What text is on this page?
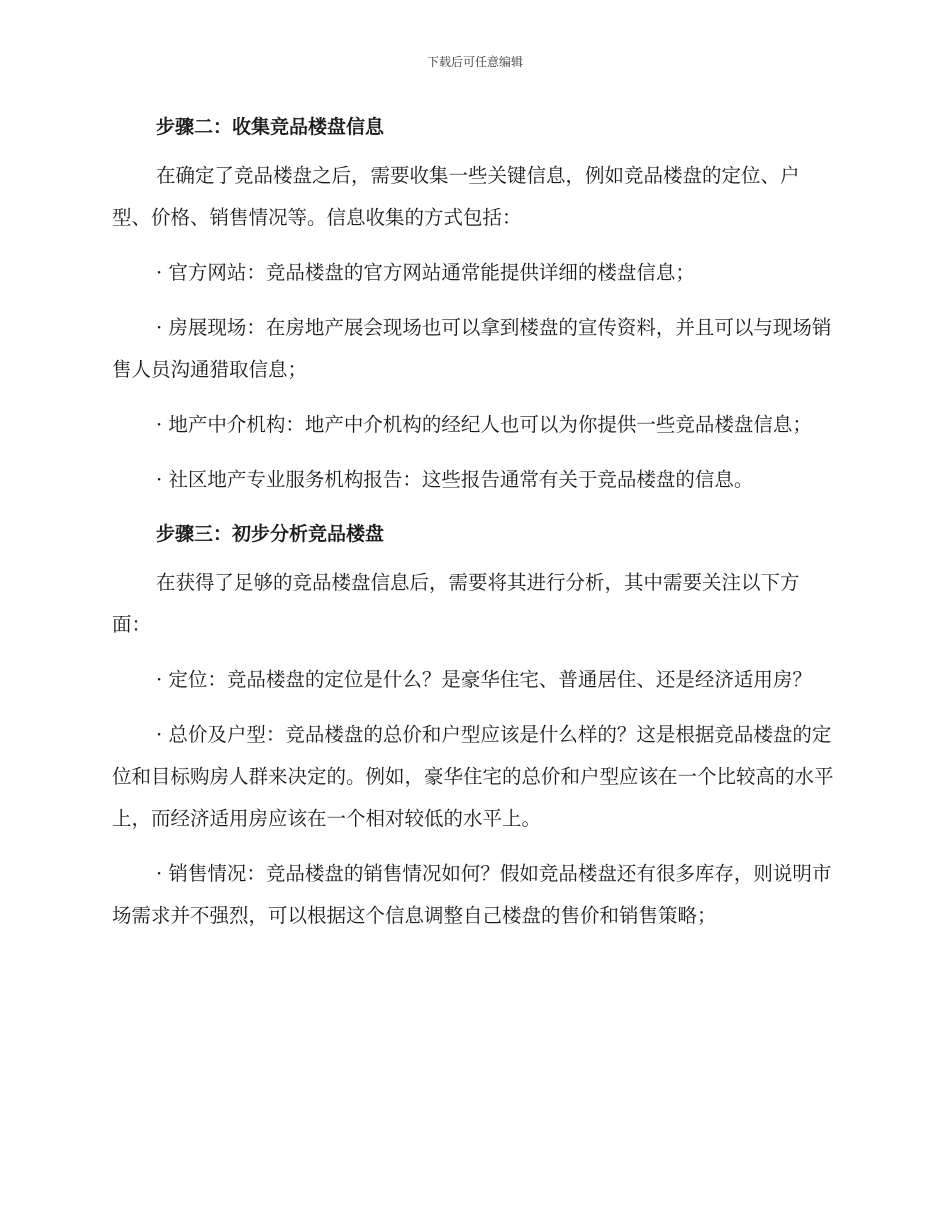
下载后可任意编辑
步骤二：收集竞品楼盘信息
在确定了竞品楼盘之后，需要收集一些关键信息，例如竞品楼盘的定位、户型、价格、销售情况等。信息收集的方式包括：
· 官方网站：竞品楼盘的官方网站通常能提供详细的楼盘信息；
· 房展现场：在房地产展会现场也可以拿到楼盘的宣传资料，并且可以与现场销售人员沟通猎取信息；
· 地产中介机构：地产中介机构的经纪人也可以为你提供一些竞品楼盘信息；
· 社区地产专业服务机构报告：这些报告通常有关于竞品楼盘的信息。
步骤三：初步分析竞品楼盘
在获得了足够的竞品楼盘信息后，需要将其进行分析，其中需要关注以下方面：
· 定位：竞品楼盘的定位是什么？是豪华住宅、普通居住、还是经济适用房？
· 总价及户型：竞品楼盘的总价和户型应该是什么样的？这是根据竞品楼盘的定位和目标购房人群来决定的。例如，豪华住宅的总价和户型应该在一个比较高的水平上，而经济适用房应该在一个相对较低的水平上。
· 销售情况：竞品楼盘的销售情况如何？假如竞品楼盘还有很多库存，则说明市场需求并不强烈，可以根据这个信息调整自己楼盘的售价和销售策略；
